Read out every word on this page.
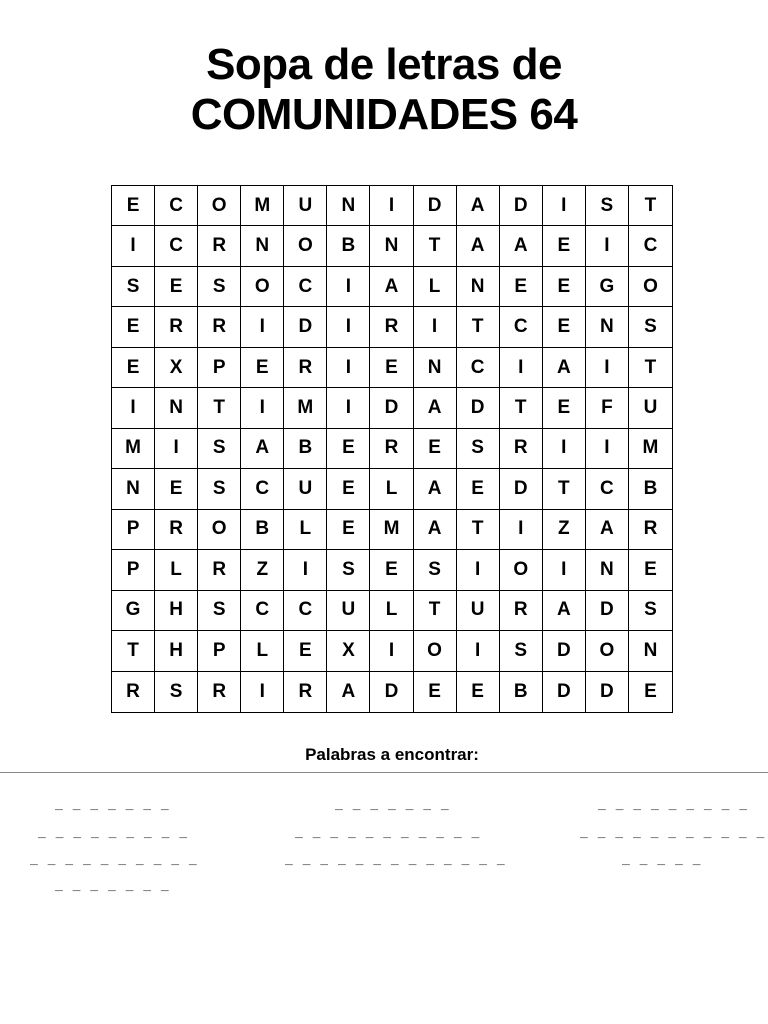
Sopa de letras de
COMUNIDADES 64
E	C	O	M	U	N	I	D	A	D	I	S	T
I	C	R	N	O	B	N	T	A	A	E	I	C
S	E	S	O	C	I	A	L	N	E	E	G	O
E	R	R	I	D	I	R	I	T	C	E	N	S
E	X	P	E	R	I	E	N	C	I	A	I	T
I	N	T	I	M	I	D	A	D	T	E	F	U
M	I	S	A	B	E	R	E	S	R	I	I	M
N	E	S	C	U	E	L	A	E	D	T	C	B
P	R	O	B	L	E	M	A	T	I	Z	A	R
P	L	R	Z	I	S	E	S	I	O	I	N	E
G	H	S	C	C	U	L	T	U	R	A	D	S
T	H	P	L	E	X	I	O	I	S	D	O	N
R	S	R	I	R	A	D	E	E	B	D	D	E
Palabras a encontrar:
_ _ _ _ _ _ _	_ _ _ _ _ _ _	_ _ _ _ _ _ _ _ _
_ _ _ _ _ _ _ _ _	_ _ _ _ _ _ _ _ _ _ _	_ _ _ _ _ _ _ _ _ _ _
_ _ _ _ _ _ _ _ _ _	_ _ _ _ _ _ _ _ _ _ _ _ _	_ _ _ _ _
_ _ _ _ _ _ _
